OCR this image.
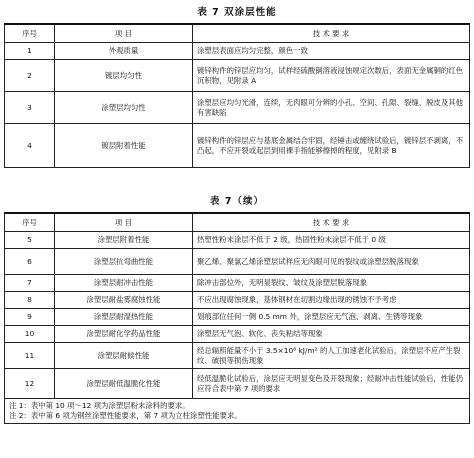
表 7 双涂层性能
序号	项 目	技 术 要 求
1	外观质量	涂塑层表面应均匀完整，颜色一致
2	镀层均匀性	镀锌构件的锌层应均匀，试样经硫酸铜溶液浸蚀规定次数后，表面无金属铜的红色沉积物，见附录 A
3	涂塑层均匀性	涂塑层应均匀光滑，连续，无肉眼可分辨的小孔、空间、孔隙、裂缝、脱皮及其他有害缺陷
4	镀层附着性能	镀锌构件的锌层应与基底金属结合牢固，经锤击或缠绕试验后，镀锌层不剥离，不凸起，不应开裂或起层到用裸手指能够擦掉的程度，见附录 B
表 7（续）
序号	项 目	技 术 要 求
5	涂塑层附着性能	热塑性粉末涂层不低于 2 级，热固性粉末涂层不低于 0 级
6	涂塑层抗弯曲性能	聚乙烯、聚氯乙烯涂塑层试样应无肉眼可见的裂纹或涂塑层脱落现象
7	涂塑层耐冲击性能	除冲击部位外，无明显裂纹、皱纹及涂塑层脱落现象
8	涂塑层耐盐雾腐蚀性能	不应出现腐蚀现象，基体钢材在切割边缘出现的锈蚀不予考虑
9	涂塑层耐湿热性能	划痕部位任何一侧 0.5 mm 外，涂塑层应无气泡、剥离、生锈等现象
10	涂塑层耐化学药品性能	涂塑层无气泡、软化、丧失粘结等现象
11	涂塑层耐候性能	经总辐照能量不小于 3.5×10⁶ kJ/m² 的人工加速老化试验后，涂塑层不应产生裂纹、破损等损伤现象
12	涂塑层耐低温脆化性能	经低温脆化试验后，涂层应无明显变色及开裂现象；经耐冲击性能试验后，性能仍应符合表中第 7 项的要求

注 1：表中第 10 项～12 项为涂塑层粉末涂料的要求。
注 2：表中第 6 项为钢丝涂塑性能要求，第 7 项为立柱涂塑性能要求。		
